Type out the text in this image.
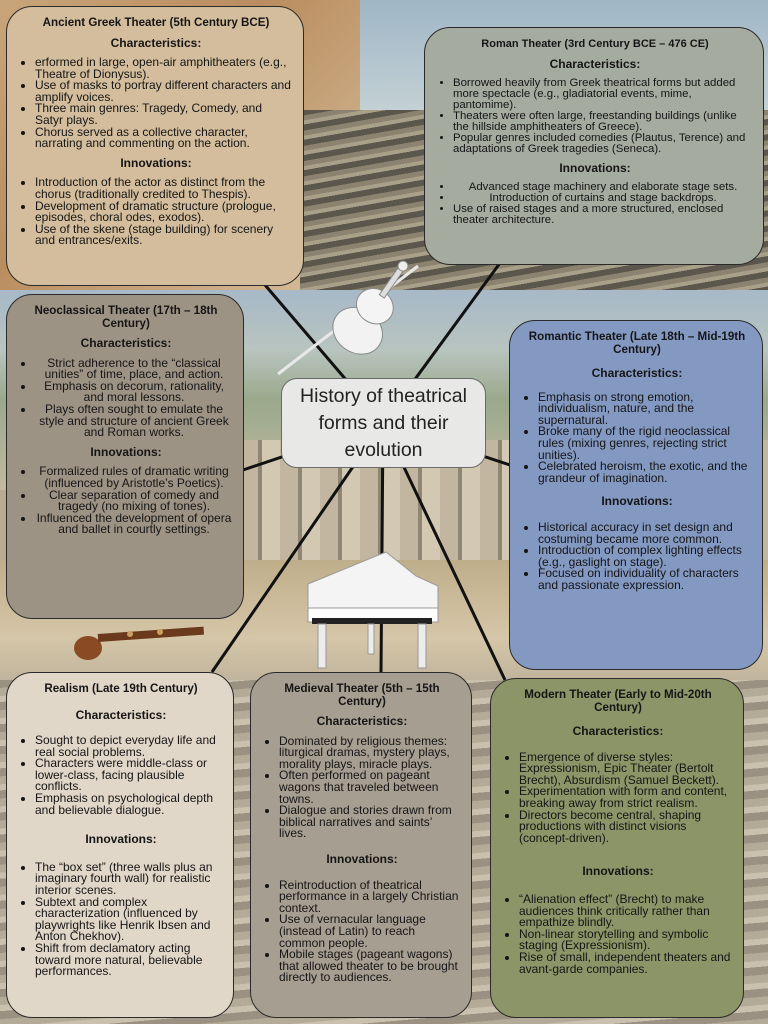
History of theatrical forms and their evolution
Ancient Greek Theater (5th Century BCE)
Characteristics:
• erformed in large, open-air amphitheaters (e.g., Theatre of Dionysus).
• Use of masks to portray different characters and amplify voices.
• Three main genres: Tragedy, Comedy, and Satyr plays.
• Chorus served as a collective character, narrating and commenting on the action.
Innovations:
• Introduction of the actor as distinct from the chorus (traditionally credited to Thespis).
• Development of dramatic structure (prologue, episodes, choral odes, exodos).
• Use of the skene (stage building) for scenery and entrances/exits.
Roman Theater (3rd Century BCE – 476 CE)
Characteristics:
• Borrowed heavily from Greek theatrical forms but added more spectacle (e.g., gladiatorial events, mime, pantomime).
• Theaters were often large, freestanding buildings (unlike the hillside amphitheaters of Greece).
• Popular genres included comedies (Plautus, Terence) and adaptations of Greek tragedies (Seneca).
Innovations:
• Advanced stage machinery and elaborate stage sets.
• Introduction of curtains and stage backdrops.
• Use of raised stages and a more structured, enclosed theater architecture.
Neoclassical Theater (17th – 18th Century)
Characteristics:
• Strict adherence to the “classical unities” of time, place, and action.
• Emphasis on decorum, rationality, and moral lessons.
• Plays often sought to emulate the style and structure of ancient Greek and Roman works.
Innovations:
• Formalized rules of dramatic writing (influenced by Aristotle’s Poetics).
• Clear separation of comedy and tragedy (no mixing of tones).
• Influenced the development of opera and ballet in courtly settings.
Romantic Theater (Late 18th – Mid-19th Century)
Characteristics:
• Emphasis on strong emotion, individualism, nature, and the supernatural.
• Broke many of the rigid neoclassical rules (mixing genres, rejecting strict unities).
• Celebrated heroism, the exotic, and the grandeur of imagination.
Innovations:
• Historical accuracy in set design and costuming became more common.
• Introduction of complex lighting effects (e.g., gaslight on stage).
• Focused on individuality of characters and passionate expression.
Realism (Late 19th Century)
Characteristics:
• Sought to depict everyday life and real social problems.
• Characters were middle-class or lower-class, facing plausible conflicts.
• Emphasis on psychological depth and believable dialogue.
Innovations:
• The “box set” (three walls plus an imaginary fourth wall) for realistic interior scenes.
• Subtext and complex characterization (influenced by playwrights like Henrik Ibsen and Anton Chekhov).
• Shift from declamatory acting toward more natural, believable performances.
Medieval Theater (5th – 15th Century)
Characteristics:
• Dominated by religious themes: liturgical dramas, mystery plays, morality plays, miracle plays.
• Often performed on pageant wagons that traveled between towns.
• Dialogue and stories drawn from biblical narratives and saints’ lives.
Innovations:
• Reintroduction of theatrical performance in a largely Christian context.
• Use of vernacular language (instead of Latin) to reach common people.
• Mobile stages (pageant wagons) that allowed theater to be brought directly to audiences.
Modern Theater (Early to Mid-20th Century)
Characteristics:
• Emergence of diverse styles: Expressionism, Epic Theater (Bertolt Brecht), Absurdism (Samuel Beckett).
• Experimentation with form and content, breaking away from strict realism.
• Directors become central, shaping productions with distinct visions (concept-driven).
Innovations:
• “Alienation effect” (Brecht) to make audiences think critically rather than empathize blindly.
• Non-linear storytelling and symbolic staging (Expressionism).
• Rise of small, independent theaters and avant-garde companies.
